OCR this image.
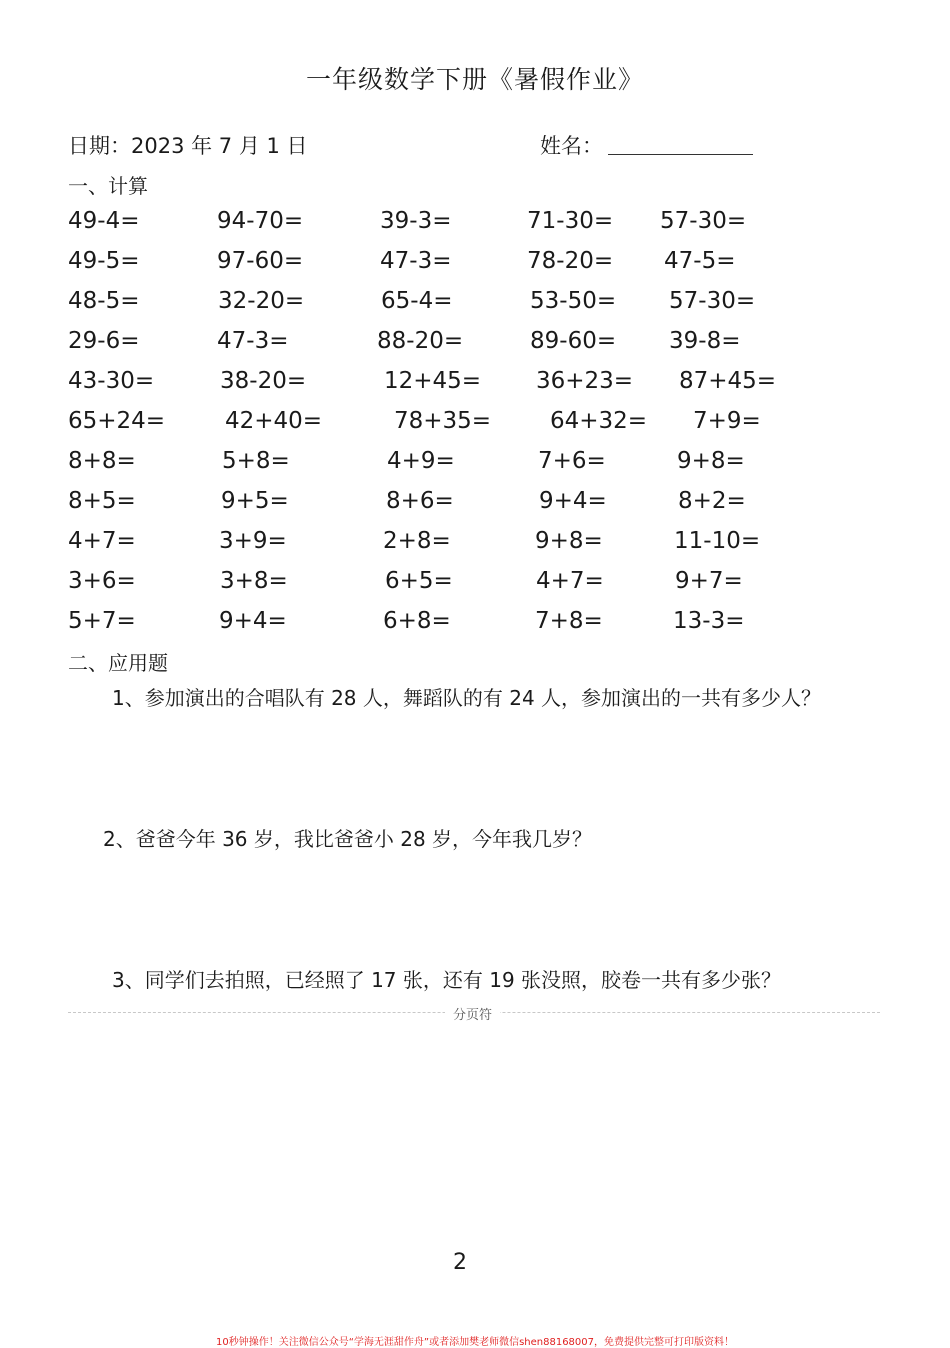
一年级数学下册《暑假作业》
日期：2023 年 7 月 1 日	姓名：
一、计算
49-4=	94-70=	39-3=	71-30= 57-30=
49-5=	97-60=	47-3=	78-20= 47-5=
48-5=	32-20=	65-4=	53-50= 57-30=
29-6=	47-3=	88-20=	89-60= 39-8=
43-30=	38-20=	12+45= 36+23= 87+45=
65+24=	42+40=	78+35=	64+32= 7+9=
8+8=	5+8=	4+9=	7+6=	9+8=
8+5=	9+5=	8+6=	9+4=	8+2=
4+7=	3+9=	2+8=	9+8=	11-10=
3+6=	3+8=	6+5=	4+7=	9+7=
5+7=	9+4=	6+8=	7+8=	13-3=
二、应用题
1、参加演出的合唱队有 28 人，舞蹈队的有 24 人，参加演出的一共有多少人？
2、爸爸今年 36 岁，我比爸爸小 28 岁，今年我几岁？
3、同学们去拍照，已经照了 17 张，还有 19 张没照，胶卷一共有多少张？
分页符
2
10秒钟操作！关注微信公众号“学海无涯甜作舟”或者添加樊老师微信shen88168007，免费提供完整可打印版资料！
